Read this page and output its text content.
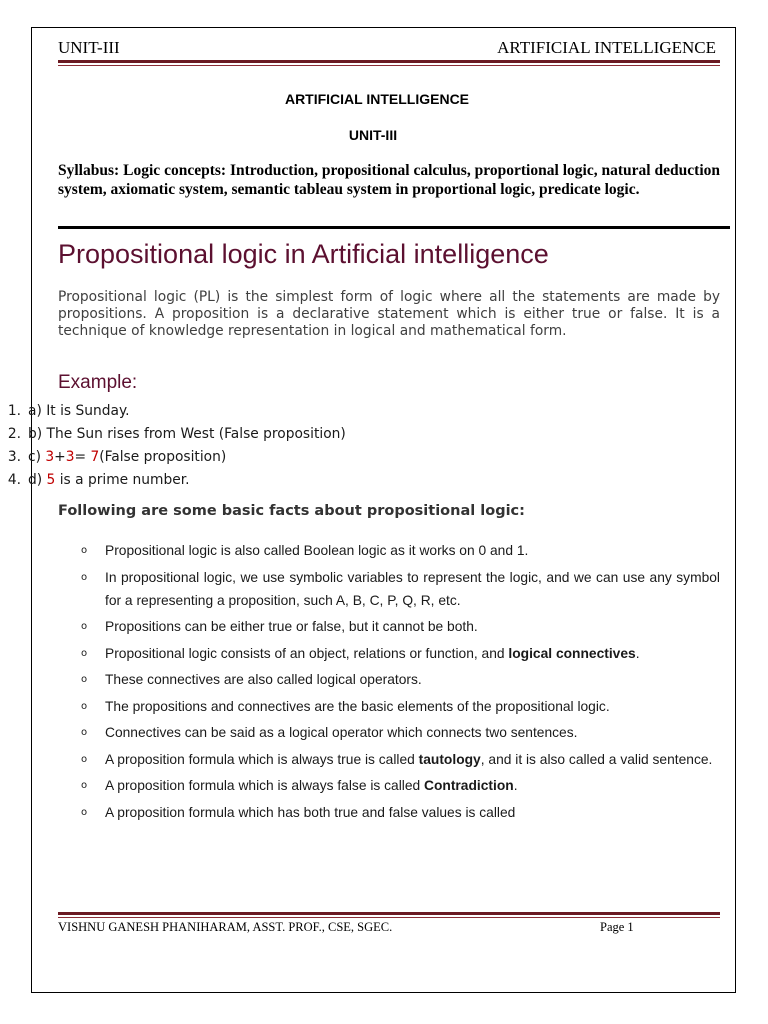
UNIT-III	ARTIFICIAL INTELLIGENCE
ARTIFICIAL INTELLIGENCE
UNIT-III
Syllabus: Logic concepts: Introduction, propositional calculus, proportional logic, natural deduction system, axiomatic system, semantic tableau system in proportional logic, predicate logic.
Propositional logic in Artificial intelligence
Propositional logic (PL) is the simplest form of logic where all the statements are made by propositions. A proposition is a declarative statement which is either true or false. It is a technique of knowledge representation in logical and mathematical form.
Example:
1. a) It is Sunday.
2. b) The Sun rises from West (False proposition)
3. c) 3+3= 7(False proposition)
4. d) 5 is a prime number.
Following are some basic facts about propositional logic:
o Propositional logic is also called Boolean logic as it works on 0 and 1.
o In propositional logic, we use symbolic variables to represent the logic, and we can use any symbol for a representing a proposition, such A, B, C, P, Q, R, etc.
o Propositions can be either true or false, but it cannot be both.
o Propositional logic consists of an object, relations or function, and logical connectives.
o These connectives are also called logical operators.
o The propositions and connectives are the basic elements of the propositional logic.
o Connectives can be said as a logical operator which connects two sentences.
o A proposition formula which is always true is called tautology, and it is also called a valid sentence.
o A proposition formula which is always false is called Contradiction.
o A proposition formula which has both true and false values is called
VISHNU GANESH PHANIHARAM, ASST. PROF., CSE, SGEC.	Page 1
